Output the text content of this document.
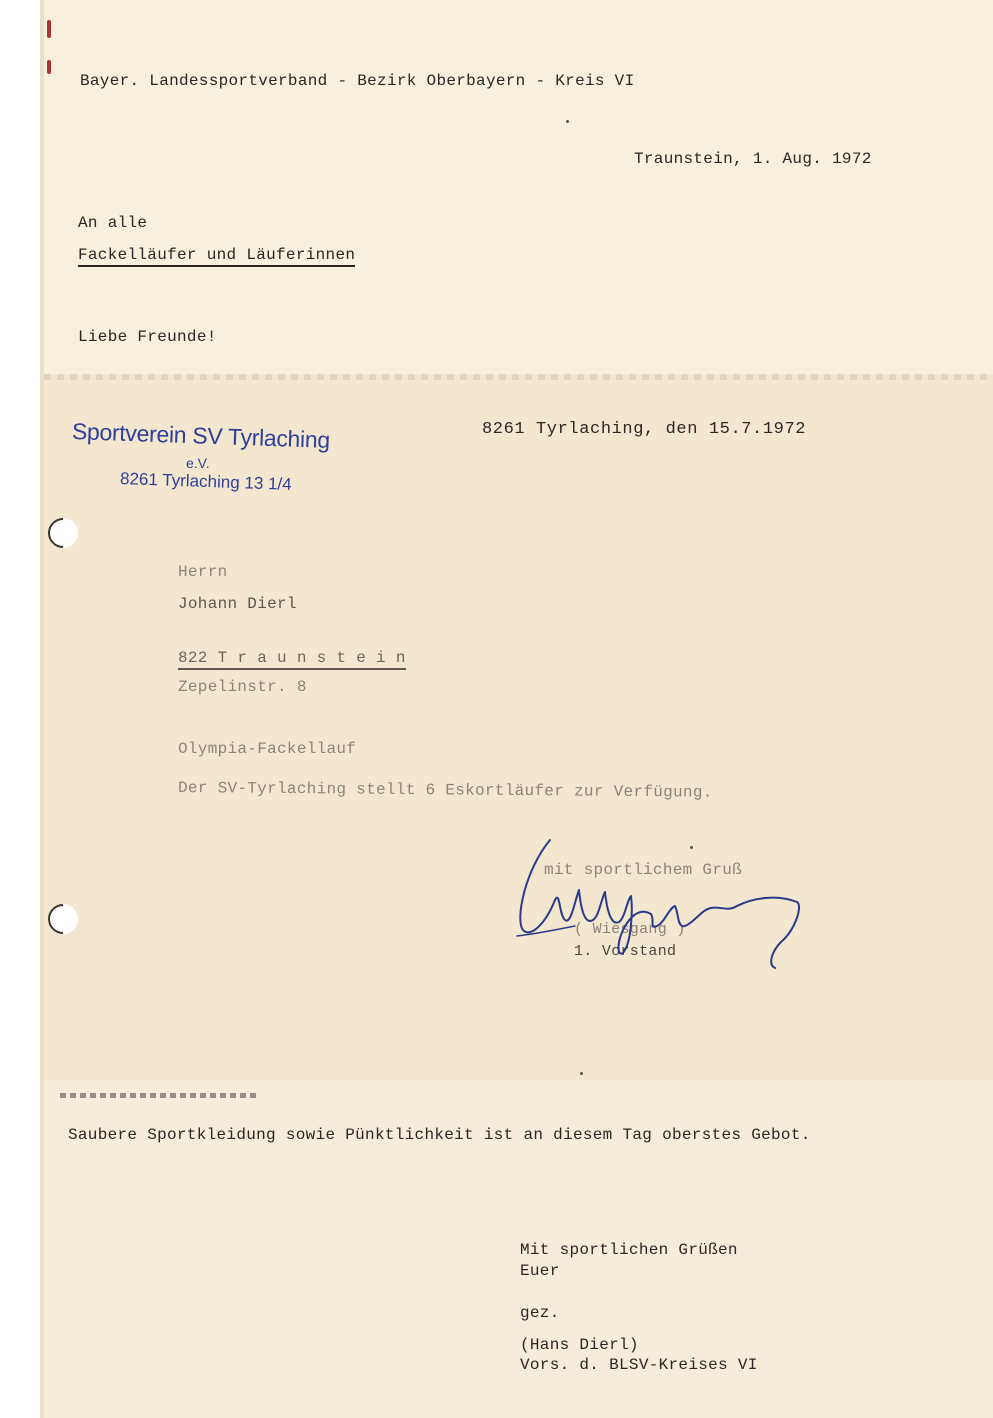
Bayer. Landessportverband - Bezirk Oberbayern - Kreis VI
Traunstein, 1. Aug. 1972
An alle
Fackelläufer und Läuferinnen
Liebe Freunde!
8261 Tyrlaching, den 15.7.1972
Herrn
Johann Dierl
822 T r a u n s t e i n
Zepelinstr. 8
Olympia-Fackellauf
Der SV-Tyrlaching stellt 6 Eskortläufer zur Verfügung.
mit sportlichem Gruß
( Wiesgang )
1. Vorstand
Sportverein SV Tyrlaching
e.V.
8261 Tyrlaching 13 1/4
Saubere Sportkleidung sowie Pünktlichkeit ist an diesem Tag oberstes Gebot.
Mit sportlichen Grüßen
Euer
gez.
(Hans Dierl)
Vors. d. BLSV-Kreises VI
